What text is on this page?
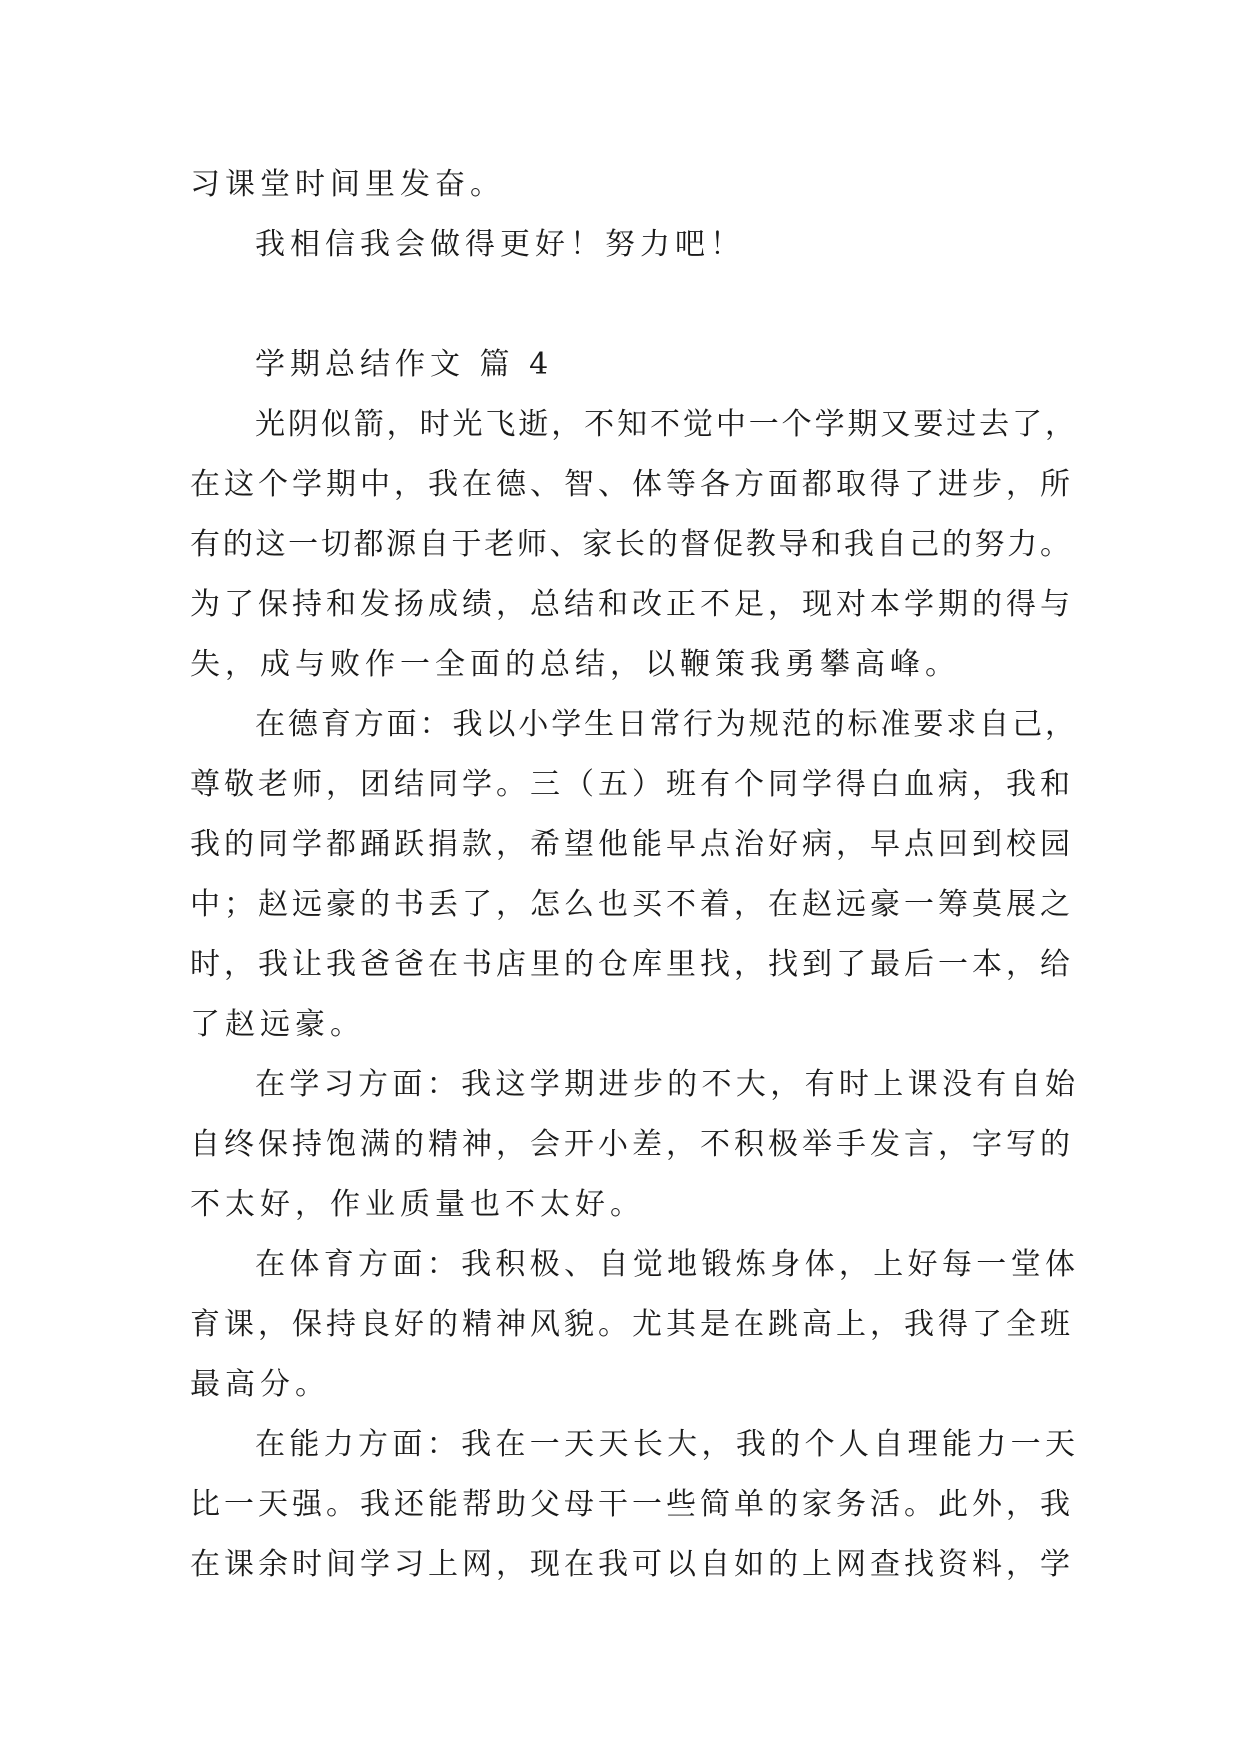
习课堂时间里发奋。

我相信我会做得更好！努力吧！

学期总结作文 篇 4

光阴似箭，时光飞逝，不知不觉中一个学期又要过去了，

在这个学期中，我在德、智、体等各方面都取得了进步，所

有的这一切都源自于老师、家长的督促教导和我自己的努力。

为了保持和发扬成绩，总结和改正不足，现对本学期的得与

失，成与败作一全面的总结，以鞭策我勇攀高峰。

在德育方面：我以小学生日常行为规范的标准要求自己，

尊敬老师，团结同学。三（五）班有个同学得白血病，我和

我的同学都踊跃捐款，希望他能早点治好病，早点回到校园

中；赵远豪的书丢了，怎么也买不着，在赵远豪一筹莫展之

时，我让我爸爸在书店里的仓库里找，找到了最后一本，给

了赵远豪。

在学习方面：我这学期进步的不大，有时上课没有自始

自终保持饱满的精神，会开小差，不积极举手发言，字写的

不太好，作业质量也不太好。

在体育方面：我积极、自觉地锻炼身体，上好每一堂体

育课，保持良好的精神风貌。尤其是在跳高上，我得了全班

最高分。

在能力方面：我在一天天长大，我的个人自理能力一天

比一天强。我还能帮助父母干一些简单的家务活。此外，我

在课余时间学习上网，现在我可以自如的上网查找资料，学
